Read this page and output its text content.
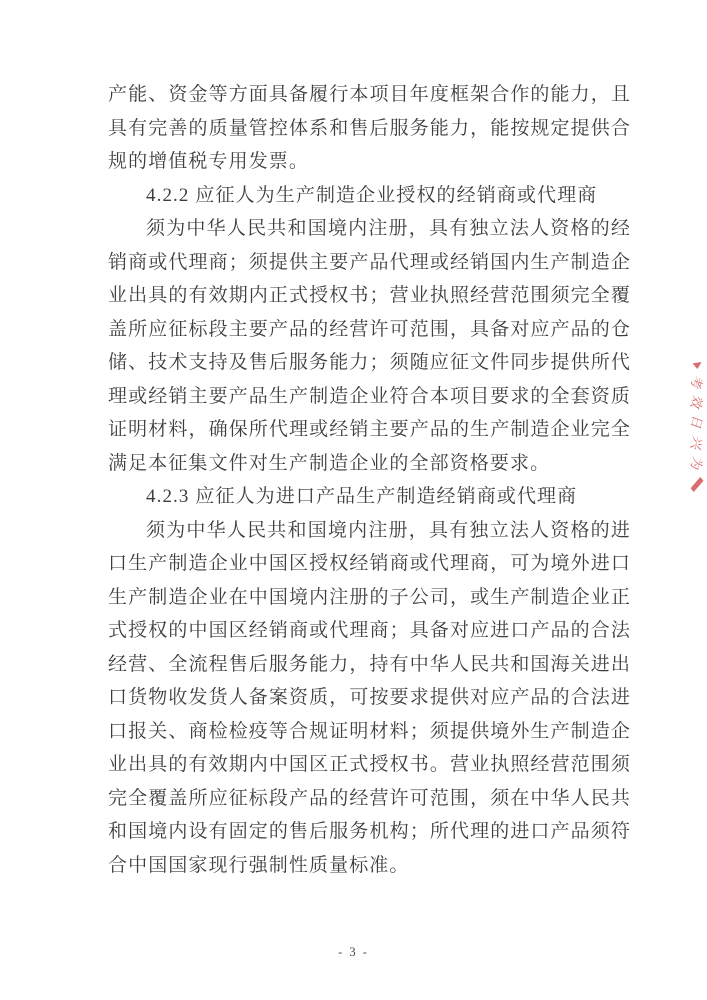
产能、资金等方面具备履行本项目年度框架合作的能力，且具有完善的质量管控体系和售后服务能力，能按规定提供合规的增值税专用发票。

4.2.2 应征人为生产制造企业授权的经销商或代理商

须为中华人民共和国境内注册，具有独立法人资格的经销商或代理商；须提供主要产品代理或经销国内生产制造企业出具的有效期内正式授权书；营业执照经营范围须完全覆盖所应征标段主要产品的经营许可范围，具备对应产品的仓储、技术支持及售后服务能力；须随应征文件同步提供所代理或经销主要产品生产制造企业符合本项目要求的全套资质证明材料，确保所代理或经销主要产品的生产制造企业完全满足本征集文件对生产制造企业的全部资格要求。

4.2.3 应征人为进口产品生产制造经销商或代理商

须为中华人民共和国境内注册，具有独立法人资格的进口生产制造企业中国区授权经销商或代理商，可为境外进口生产制造企业在中国境内注册的子公司，或生产制造企业正式授权的中国区经销商或代理商；具备对应进口产品的合法经营、全流程售后服务能力，持有中华人民共和国海关进出口货物收发货人备案资质，可按要求提供对应产品的合法进口报关、商检检疫等合规证明材料；须提供境外生产制造企业出具的有效期内中国区正式授权书。营业执照经营范围须完全覆盖所应征标段产品的经营许可范围，须在中华人民共和国境内设有固定的售后服务机构；所代理的进口产品须符合中国国家现行强制性质量标准。

考
效
日
兴
为
- 3 -
